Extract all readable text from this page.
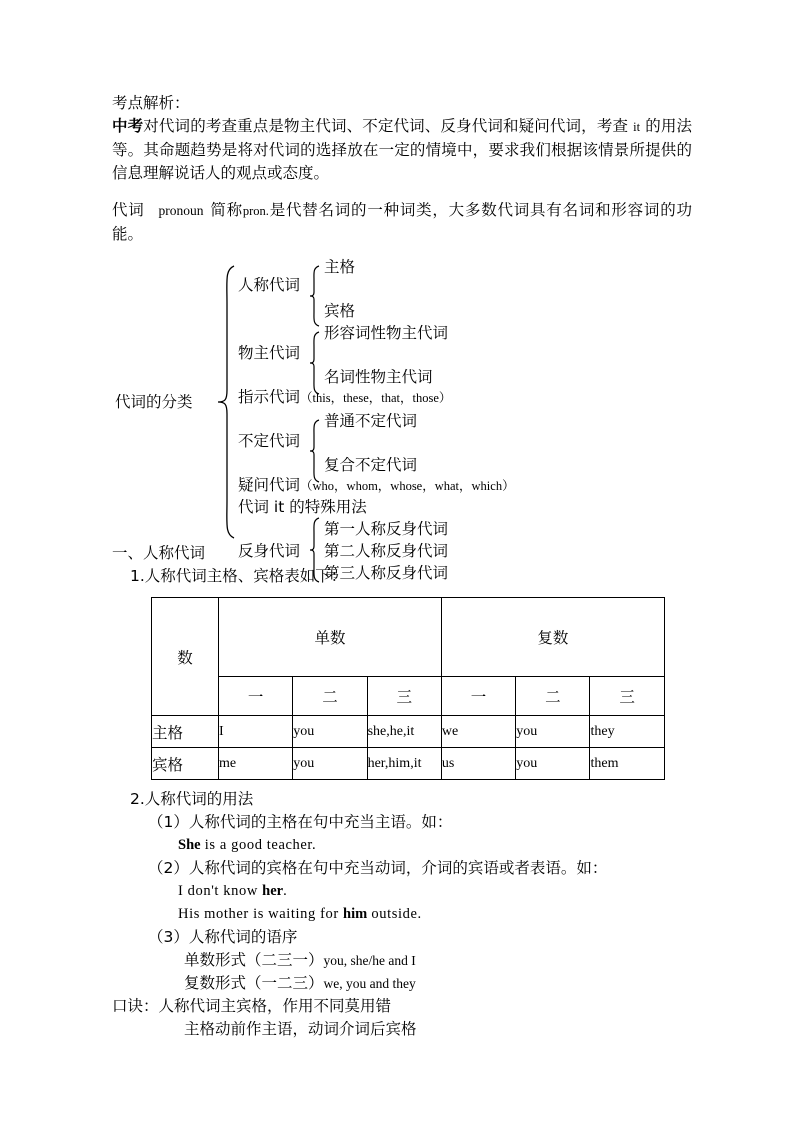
考点解析：

中考对代词的考查重点是物主代词、不定代词、反身代词和疑问代词，考查 it 的用法等。其命题趋势是将对代词的选择放在一定的情境中，要求我们根据该情景所提供的信息理解说话人的观点或态度。

代词 pronoun 简称pron.是代替名词的一种词类，大多数代词具有名词和形容词的功能。

代词的分类
人称代词
主格
宾格
物主代词
形容词性物主代词
名词性物主代词

指示代词（this，these，that，those）

不定代词
普通不定代词
复合不定代词

疑问代词（who，whom，whose，what，which）

代词 it 的特殊用法

反身代词
第一人称反身代词
第二人称反身代词
第三人称反身代词

一、人称代词

1.人称代词主格、宾格表如下：

数	单数			复数		
	一	二	三	一	二	三
主格	I	you	she,he,it	we	you	they
宾格	me	you	her,him,it	us	you	them

2.人称代词的用法

（1）人称代词的主格在句中充当主语。如：

She is a good teacher.

（2）人称代词的宾格在句中充当动词，介词的宾语或者表语。如：

I don't know her.

His mother is waiting for him outside.

（3）人称代词的语序

单数形式（二三一）you, she/he and I

复数形式（一二三）we, you and they

口诀：人称代词主宾格，作用不同莫用错

主格动前作主语，动词介词后宾格
